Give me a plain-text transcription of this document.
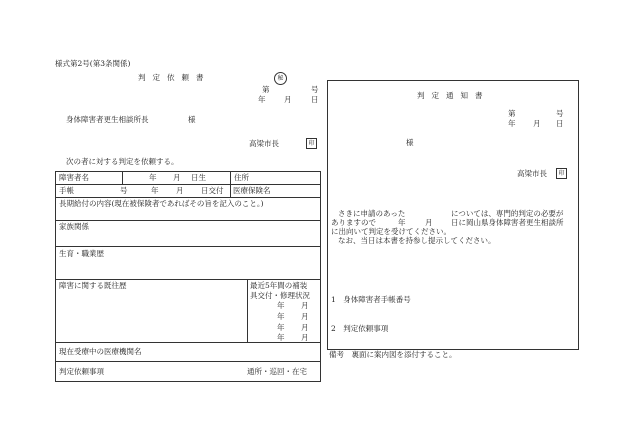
様式第2号(第3条関係)
判定依頼書	秘
第	号
年 月	日
身体障害者更生相談所長	様
高梁市長	印
次の者に対する判定を依頼する。
障害者名	年 月 日生	住所
手帳	号	年 月 日交付 医療保険名
長期給付の内容(現在被保険者であればその旨を記入のこと。)
家族関係
生育・職業歴
障害に関する既往歴	最近5年間の補装
具交付・修理状況
年 月
年 月
年 月
年 月
現在受療中の医療機関名
判定依頼事項	通所・巡回・在宅
判定通知書
第	号
年 月 日
様
高梁市長	印
さきに申請のあった	については、専門的判定の必要が
ありますので	年	月 日に岡山県身体障害者更生相談所
に出向いて判定を受けてください。
なお、当日は本書を持参し提示してください。
1　身体障害者手帳番号
2　判定依頼事項
備考　裏面に案内図を添付すること。
